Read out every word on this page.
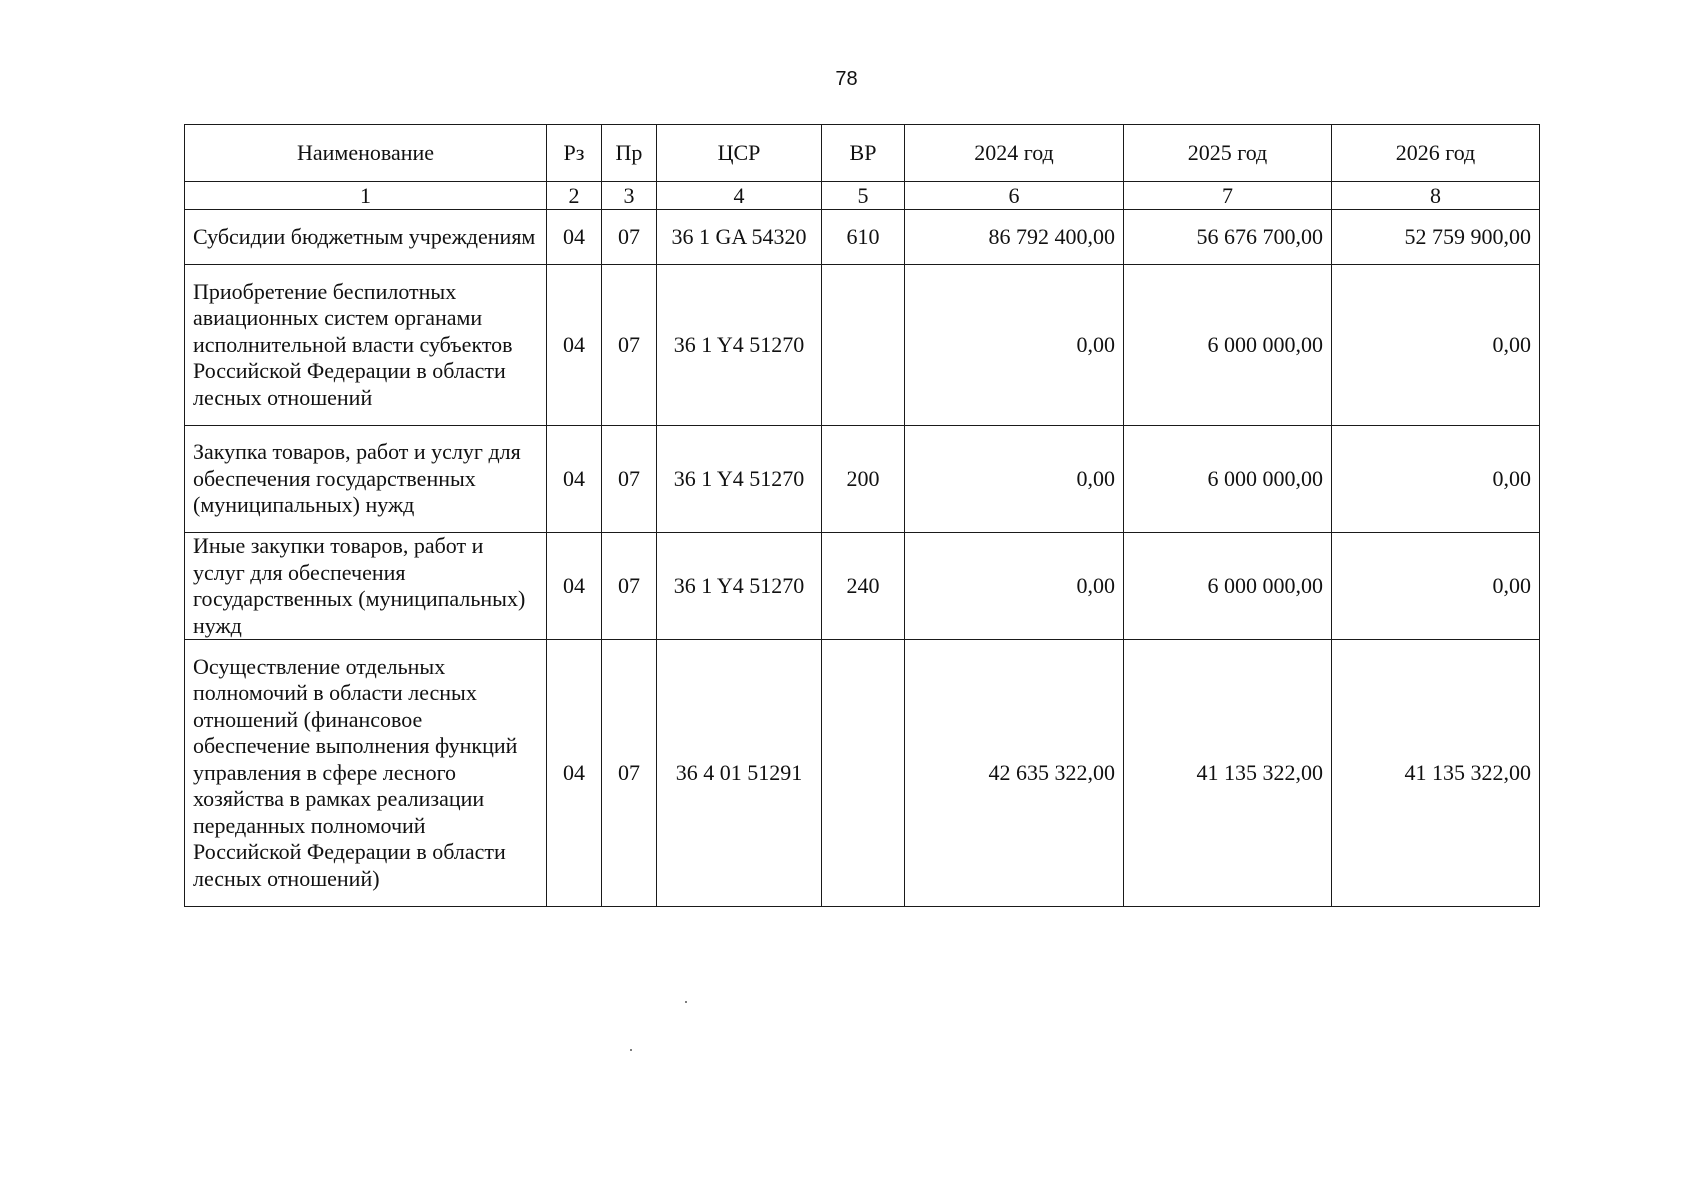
78
Наименование	Рз	Пр	ЦСР	ВР	2024 год	2025 год	2026 год
1	2	3	4	5	6	7	8
Субсидии бюджетным учреждениям	04	07	36 1 GA 54320	610	86 792 400,00	56 676 700,00	52 759 900,00
Приобретение беспилотных авиационных систем органами исполнительной власти субъектов Российской Федерации в области лесных отношений	04	07	36 1 Y4 51270		0,00	6 000 000,00	0,00
Закупка товаров, работ и услуг для обеспечения государственных (муниципальных) нужд	04	07	36 1 Y4 51270	200	0,00	6 000 000,00	0,00
Иные закупки товаров, работ и услуг для обеспечения государственных (муниципальных) нужд	04	07	36 1 Y4 51270	240	0,00	6 000 000,00	0,00
Осуществление отдельных полномочий в области лесных отношений (финансовое обеспечение выполнения функций управления в сфере лесного хозяйства в рамках реализации переданных полномочий Российской Федерации в области лесных отношений)	04	07	36 4 01 51291		42 635 322,00	41 135 322,00	41 135 322,00
